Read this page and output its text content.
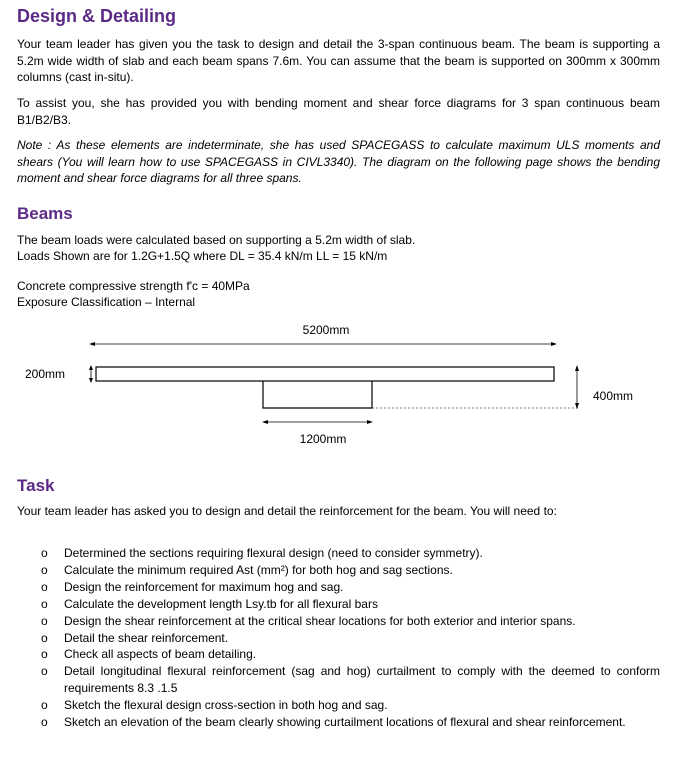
Design & Detailing

Your team leader has given you the task to design and detail the 3-span continuous beam. The beam is supporting a 5.2m wide width of slab and each beam spans 7.6m. You can assume that the beam is supported on 300mm x 300mm columns (cast in-situ).

To assist you, she has provided you with bending moment and shear force diagrams for 3 span continuous beam B1/B2/B3.

Note : As these elements are indeterminate, she has used SPACEGASS to calculate maximum ULS moments and shears (You will learn how to use SPACEGASS in CIVL3340). The diagram on the following page shows the bending moment and shear force diagrams for all three spans.

Beams

The beam loads were calculated based on supporting a 5.2m width of slab.

Loads Shown are for 1.2G+1.5Q where DL = 35.4 kN/m LL = 15 kN/m

Concrete compressive strength f'c = 40MPa

Exposure Classification – Internal

5200mm
200mm
400mm
1200mm
Task

Your team leader has asked you to design and detail the reinforcement for the beam. You will need to:

o Determined the sections requiring flexural design (need to consider symmetry).
o Calculate the minimum required Ast (mm²) for both hog and sag sections.
o Design the reinforcement for maximum hog and sag.
o Calculate the development length Lsy.tb for all flexural bars
o Design the shear reinforcement at the critical shear locations for both exterior and interior spans.
o Detail the shear reinforcement.
o Check all aspects of beam detailing.
o Detail longitudinal flexural reinforcement (sag and hog) curtailment to comply with the deemed to conform requirements 8.3 .1.5
o Sketch the flexural design cross-section in both hog and sag.
o Sketch an elevation of the beam clearly showing curtailment locations of flexural and shear reinforcement.
